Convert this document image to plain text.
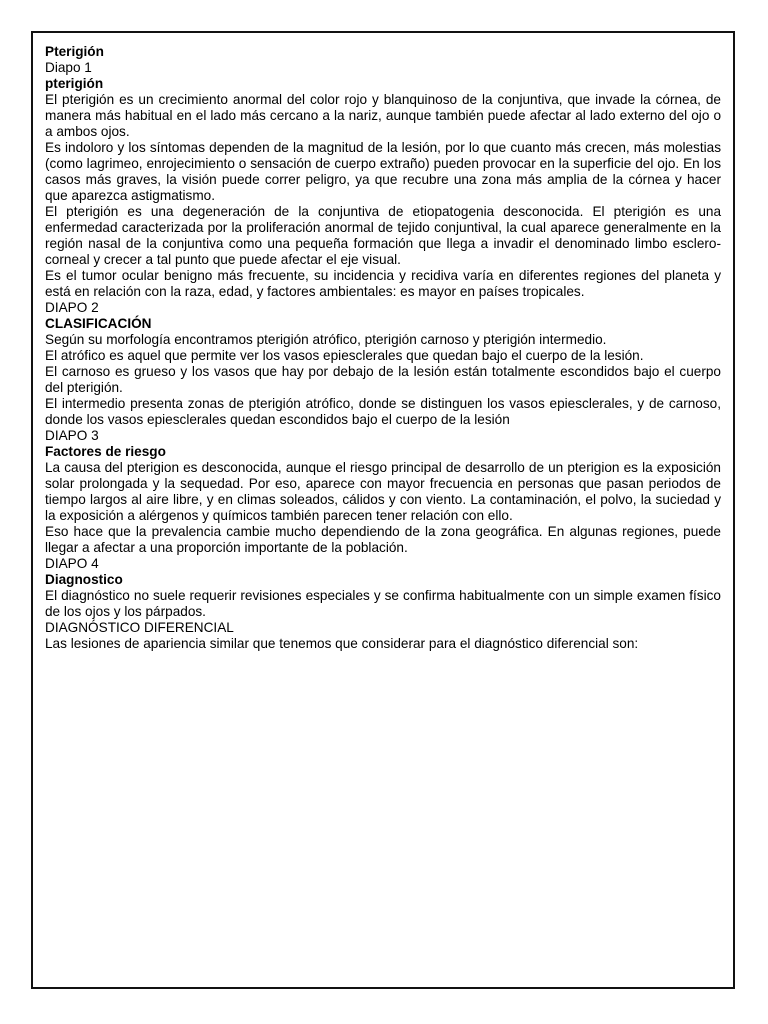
Pterigión

Diapo 1

pterigión

El pterigión es un crecimiento anormal del color rojo y blanquinoso de la conjuntiva, que invade la córnea, de manera más habitual en el lado más cercano a la nariz, aunque también puede afectar al lado externo del ojo o a ambos ojos.

Es indoloro y los síntomas dependen de la magnitud de la lesión, por lo que cuanto más crecen, más molestias (como lagrimeo, enrojecimiento o sensación de cuerpo extraño) pueden provocar en la superficie del ojo. En los casos más graves, la visión puede correr peligro, ya que recubre una zona más amplia de la córnea y hacer que aparezca astigmatismo.

El pterigión es una degeneración de la conjuntiva de etiopatogenia desconocida. El pterigión es una enfermedad caracterizada por la proliferación anormal de tejido conjuntival, la cual aparece generalmente en la región nasal de la conjuntiva como una pequeña formación que llega a invadir el denominado limbo esclero-corneal y crecer a tal punto que puede afectar el eje visual.

Es el tumor ocular benigno más frecuente, su incidencia y recidiva varía en diferentes regiones del planeta y está en relación con la raza, edad, y factores ambientales: es mayor en países tropicales.

DIAPO 2

CLASIFICACIÓN

Según su morfología encontramos pterigión atrófico, pterigión carnoso y pterigión intermedio.

El atrófico es aquel que permite ver los vasos epiesclerales que quedan bajo el cuerpo de la lesión.

El carnoso es grueso y los vasos que hay por debajo de la lesión están totalmente escondidos bajo el cuerpo del pterigión.

El intermedio presenta zonas de pterigión atrófico, donde se distinguen los vasos epiesclerales, y de carnoso, donde los vasos epiesclerales quedan escondidos bajo el cuerpo de la lesión

DIAPO 3

Factores de riesgo

La causa del pterigion es desconocida, aunque el riesgo principal de desarrollo de un pterigion es la exposición solar prolongada y la sequedad. Por eso, aparece con mayor frecuencia en personas que pasan periodos de tiempo largos al aire libre, y en climas soleados, cálidos y con viento. La contaminación, el polvo, la suciedad y la exposición a alérgenos y químicos también parecen tener relación con ello.

Eso hace que la prevalencia cambie mucho dependiendo de la zona geográfica. En algunas regiones, puede llegar a afectar a una proporción importante de la población.

DIAPO 4

Diagnostico

El diagnóstico no suele requerir revisiones especiales y se confirma habitualmente con un simple examen físico de los ojos y los párpados.

DIAGNÓSTICO DIFERENCIAL

Las lesiones de apariencia similar que tenemos que considerar para el diagnóstico diferencial son:
